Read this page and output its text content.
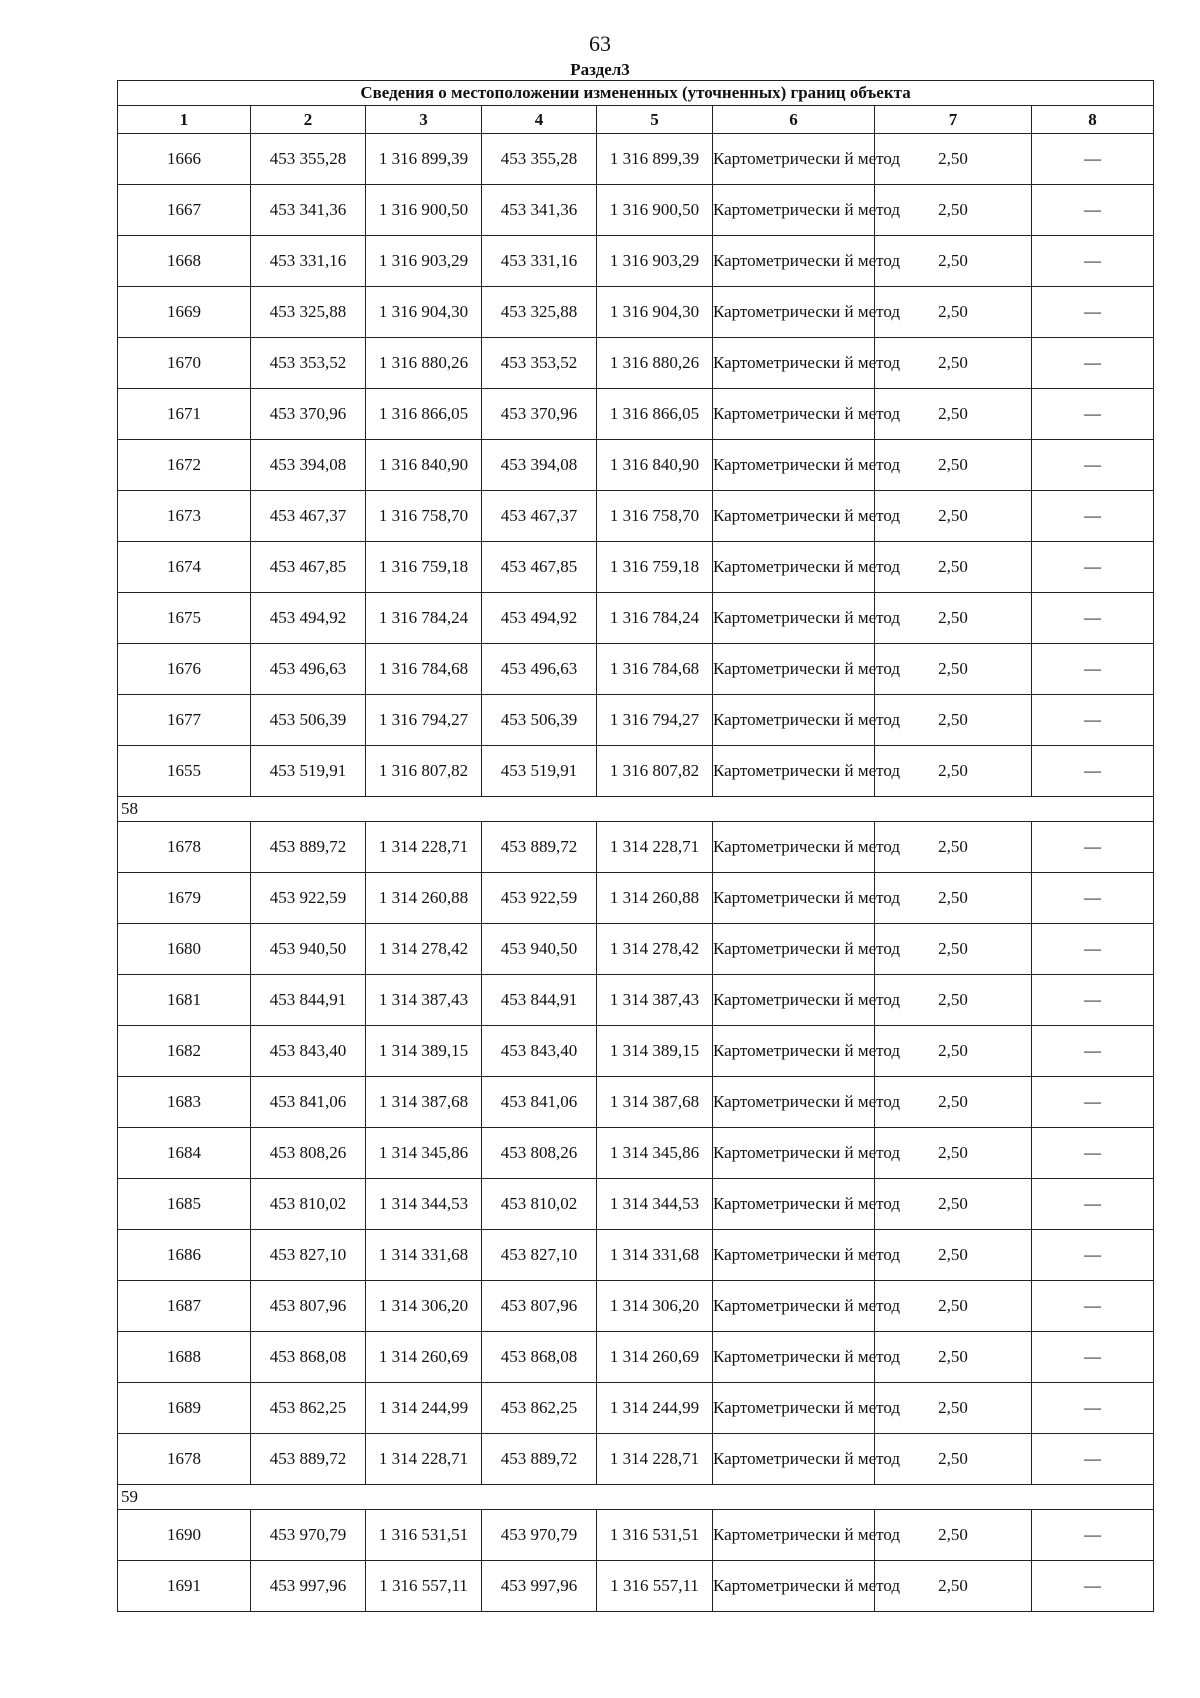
63
Раздел3
Сведения о местоположении измененных (уточненных) границ объекта							
1	2	3	4	5	6	7	8
1666	453 355,28	1 316 899,39	453 355,28	1 316 899,39	Картометрически й метод	2,50	—
1667	453 341,36	1 316 900,50	453 341,36	1 316 900,50	Картометрически й метод	2,50	—
1668	453 331,16	1 316 903,29	453 331,16	1 316 903,29	Картометрически й метод	2,50	—
1669	453 325,88	1 316 904,30	453 325,88	1 316 904,30	Картометрически й метод	2,50	—
1670	453 353,52	1 316 880,26	453 353,52	1 316 880,26	Картометрически й метод	2,50	—
1671	453 370,96	1 316 866,05	453 370,96	1 316 866,05	Картометрически й метод	2,50	—
1672	453 394,08	1 316 840,90	453 394,08	1 316 840,90	Картометрически й метод	2,50	—
1673	453 467,37	1 316 758,70	453 467,37	1 316 758,70	Картометрически й метод	2,50	—
1674	453 467,85	1 316 759,18	453 467,85	1 316 759,18	Картометрически й метод	2,50	—
1675	453 494,92	1 316 784,24	453 494,92	1 316 784,24	Картометрически й метод	2,50	—
1676	453 496,63	1 316 784,68	453 496,63	1 316 784,68	Картометрически й метод	2,50	—
1677	453 506,39	1 316 794,27	453 506,39	1 316 794,27	Картометрически й метод	2,50	—
1655	453 519,91	1 316 807,82	453 519,91	1 316 807,82	Картометрически й метод	2,50	—
58							
1678	453 889,72	1 314 228,71	453 889,72	1 314 228,71	Картометрически й метод	2,50	—
1679	453 922,59	1 314 260,88	453 922,59	1 314 260,88	Картометрически й метод	2,50	—
1680	453 940,50	1 314 278,42	453 940,50	1 314 278,42	Картометрически й метод	2,50	—
1681	453 844,91	1 314 387,43	453 844,91	1 314 387,43	Картометрически й метод	2,50	—
1682	453 843,40	1 314 389,15	453 843,40	1 314 389,15	Картометрически й метод	2,50	—
1683	453 841,06	1 314 387,68	453 841,06	1 314 387,68	Картометрически й метод	2,50	—
1684	453 808,26	1 314 345,86	453 808,26	1 314 345,86	Картометрически й метод	2,50	—
1685	453 810,02	1 314 344,53	453 810,02	1 314 344,53	Картометрически й метод	2,50	—
1686	453 827,10	1 314 331,68	453 827,10	1 314 331,68	Картометрически й метод	2,50	—
1687	453 807,96	1 314 306,20	453 807,96	1 314 306,20	Картометрически й метод	2,50	—
1688	453 868,08	1 314 260,69	453 868,08	1 314 260,69	Картометрически й метод	2,50	—
1689	453 862,25	1 314 244,99	453 862,25	1 314 244,99	Картометрически й метод	2,50	—
1678	453 889,72	1 314 228,71	453 889,72	1 314 228,71	Картометрически й метод	2,50	—
59							
1690	453 970,79	1 316 531,51	453 970,79	1 316 531,51	Картометрически й метод	2,50	—
1691	453 997,96	1 316 557,11	453 997,96	1 316 557,11	Картометрически й метод	2,50	—
